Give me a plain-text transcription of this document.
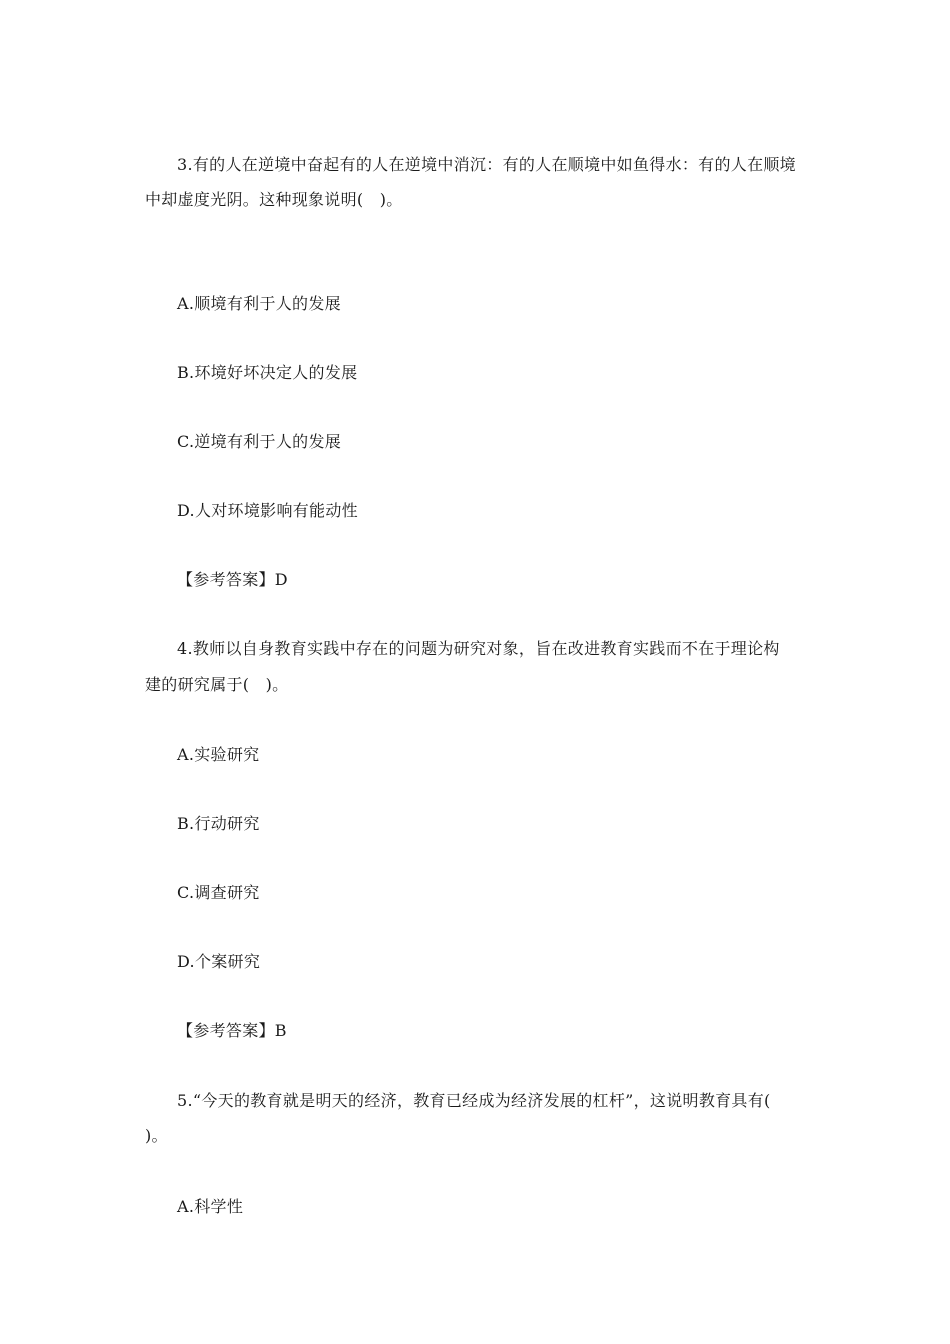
3.有的人在逆境中奋起有的人在逆境中消沉：有的人在顺境中如鱼得水：有的人在顺境
中却虚度光阴。这种现象说明(　)。
A.顺境有利于人的发展
B.环境好坏决定人的发展
C.逆境有利于人的发展
D.人对环境影响有能动性
【参考答案】D
4.教师以自身教育实践中存在的问题为研究对象，旨在改进教育实践而不在于理论构
建的研究属于(　)。
A.实验研究
B.行动研究
C.调查研究
D.个案研究
【参考答案】B
5.“今天的教育就是明天的经济，教育已经成为经济发展的杠杆”，这说明教育具有(
)。
A.科学性
